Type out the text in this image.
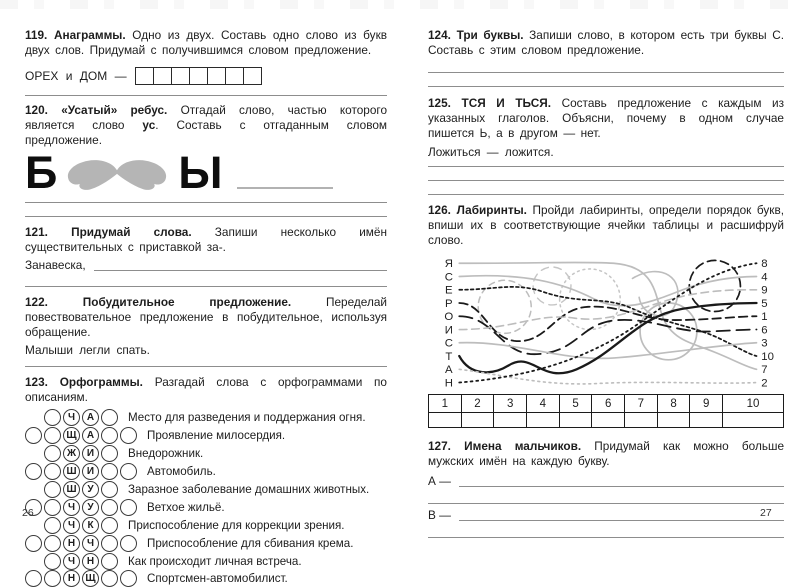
119. Анаграммы. Одно из двух. Составь одно слово из букв двух слов. Придумай с получившимся словом предложение.

ОРЕХ
и
ДОМ
—

120. «Усатый» ребус. Отгадай слово, частью которого является слово ус. Составь с отгаданным словом предложение.

Б	Ы

121. Придумай слова. Запиши несколько имён существительных с приставкой за-.

Занавеска,

122.	Побудительное предложение.	Переделай повествовательное предложение в побудительное, используя обращение.

Малыши легли спать.

123. Орфограммы. Разгадай слова с орфограммами по описаниям.

Ч	А	Место для разведения и поддержания огня.
Щ	А	Проявление милосердия.
Ж	И	Внедорожник.
Ш	И	Автомобиль.
Ш	У	Заразное заболевание домашних животных.
Ч	У	Ветхое жильё.
Ч	К	Приспособление для коррекции зрения.
Н	Ч	Приспособление для сбивания крема.
Ч	Н	Как происходит личная встреча.
Н	Щ	Спортсмен-автомобилист.

124. Три буквы. Запиши слово, в котором есть три буквы С. Составь с этим словом предложение.

125. ТСЯ И ТЬСЯ. Составь предложение с каждым из указанных глаголов. Объясни, почему в одном случае пишется Ь, а в другом — нет.

Ложиться — ложится.

126. Лабиринты. Пройди лабиринты, определи порядок букв, впиши их в соответствующие ячейки таблицы и расшифруй слово.

Я
С
Е
Р
О
И
С
Т
А
Н
8
4
9
5
1
6
3
10
7
2
1	2	3	4	5	6	7	8	9	10

127. Имена мальчиков. Придумай как можно больше мужских имён на каждую букву.

А —
В —
26	27
